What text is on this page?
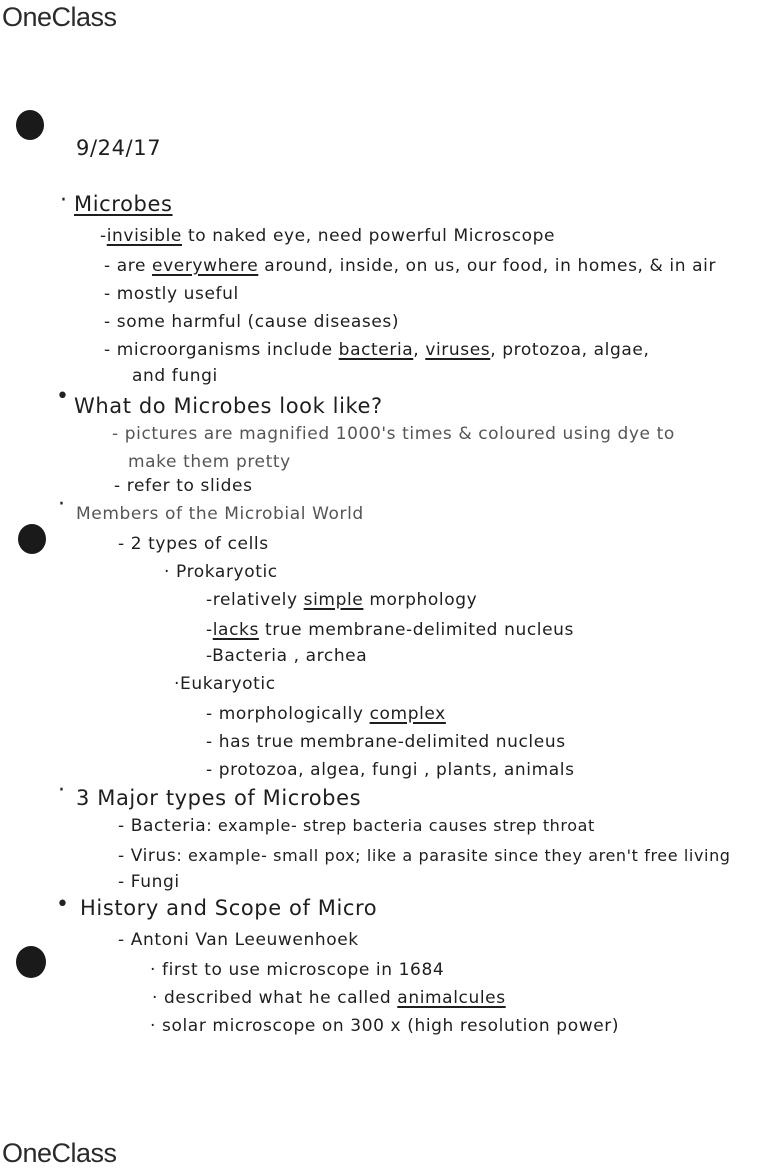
OneClass
OneClass
9/24/17
· Microbes
-invisible to naked eye, need powerful Microscope
- are everywhere around, inside, on us, our food, in homes, & in air
- mostly useful
- some harmful (cause diseases)
- microorganisms include bacteria, viruses, protozoa, algae,
and fungi
• What do Microbes look like?
- pictures are magnified 1000's times & coloured using dye to
make them pretty
- refer to slides
· Members of the Microbial World
- 2 types of cells
· Prokaryotic
-relatively simple morphology
-lacks true membrane-delimited nucleus
-Bacteria , archea
·Eukaryotic
- morphologically complex
- has true membrane-delimited nucleus
- protozoa, algea, fungi , plants, animals
· 3 Major types of Microbes
- Bacteria: example- strep bacteria causes strep throat
- Virus: example- small pox; like a parasite since they aren't free living
- Fungi
• History and Scope of Micro
- Antoni Van Leeuwenhoek
· first to use microscope in 1684
· described what he called animalcules
· solar microscope on 300 x (high resolution power)
